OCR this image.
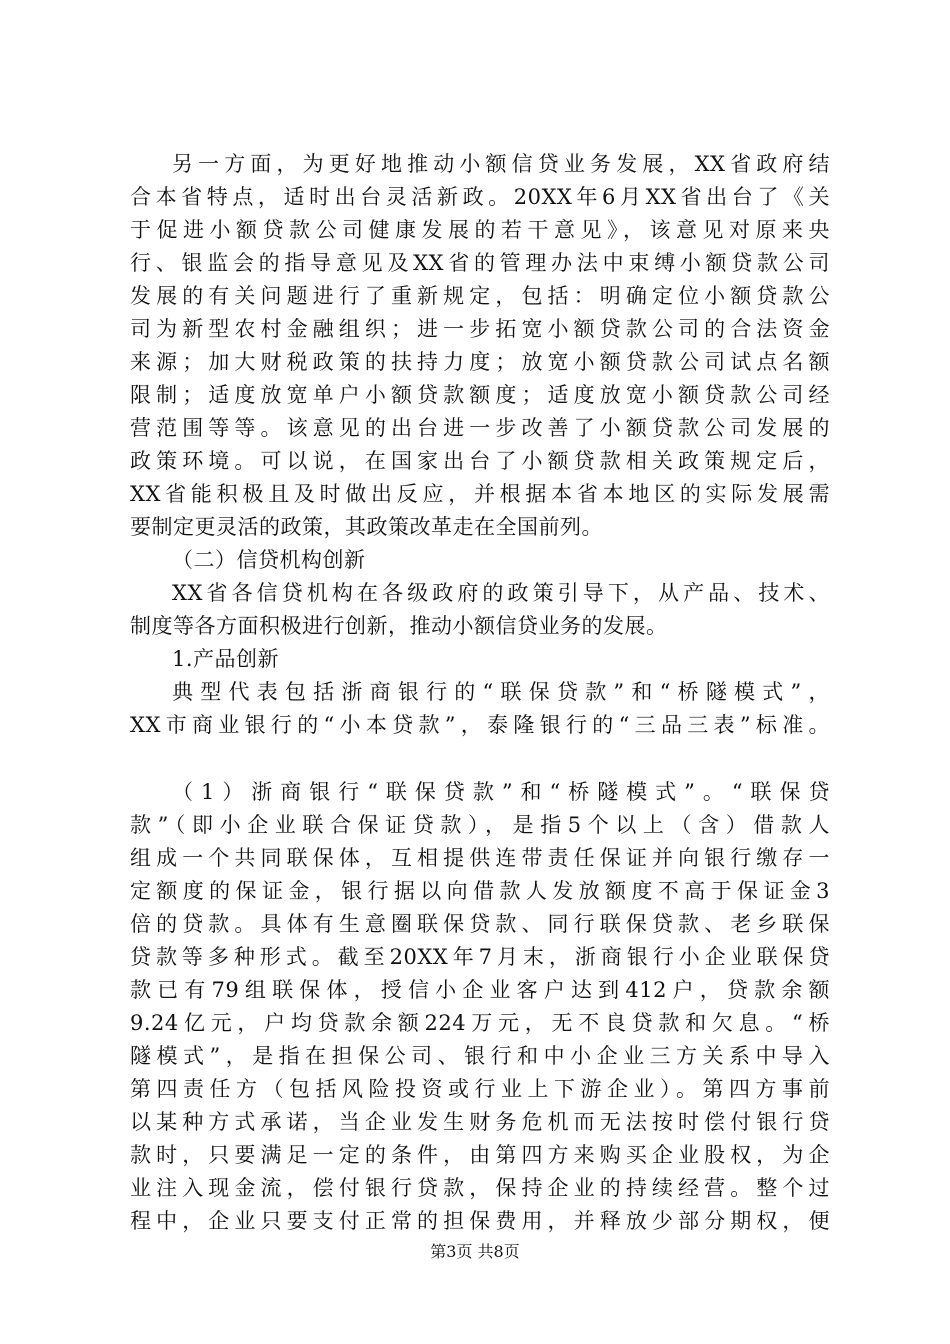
另一方面，为更好地推动小额信贷业务发展，XX省政府结
合本省特点，适时出台灵活新政。20XX年6月XX省出台了《关
于促进小额贷款公司健康发展的若干意见》，该意见对原来央
行、银监会的指导意见及XX省的管理办法中束缚小额贷款公司
发展的有关问题进行了重新规定，包括：明确定位小额贷款公
司为新型农村金融组织；进一步拓宽小额贷款公司的合法资金
来源；加大财税政策的扶持力度；放宽小额贷款公司试点名额
限制；适度放宽单户小额贷款额度；适度放宽小额贷款公司经
营范围等等。该意见的出台进一步改善了小额贷款公司发展的
政策环境。可以说，在国家出台了小额贷款相关政策规定后，
XX省能积极且及时做出反应，并根据本省本地区的实际发展需
要制定更灵活的政策，其政策改革走在全国前列。
（二）信贷机构创新
XX省各信贷机构在各级政府的政策引导下，从产品、技术、
制度等各方面积极进行创新，推动小额信贷业务的发展。
1.产品创新
典型代表包括浙商银行的“联保贷款”和“桥隧模式”，
XX市商业银行的“小本贷款”，泰隆银行的“三品三表”标准。
（1）浙商银行“联保贷款”和“桥隧模式”。“联保贷
款”（即小企业联合保证贷款），是指5个以上（含）借款人
组成一个共同联保体，互相提供连带责任保证并向银行缴存一
定额度的保证金，银行据以向借款人发放额度不高于保证金3
倍的贷款。具体有生意圈联保贷款、同行联保贷款、老乡联保
贷款等多种形式。截至20XX年7月末，浙商银行小企业联保贷
款已有79组联保体，授信小企业客户达到412户，贷款余额
9.24亿元，户均贷款余额224万元，无不良贷款和欠息。“桥
隧模式”，是指在担保公司、银行和中小企业三方关系中导入
第四责任方（包括风险投资或行业上下游企业）。第四方事前
以某种方式承诺，当企业发生财务危机而无法按时偿付银行贷
款时，只要满足一定的条件，由第四方来购买企业股权，为企
业注入现金流，偿付银行贷款，保持企业的持续经营。整个过
程中，企业只要支付正常的担保费用，并释放少部分期权，便
第3页 共8页
